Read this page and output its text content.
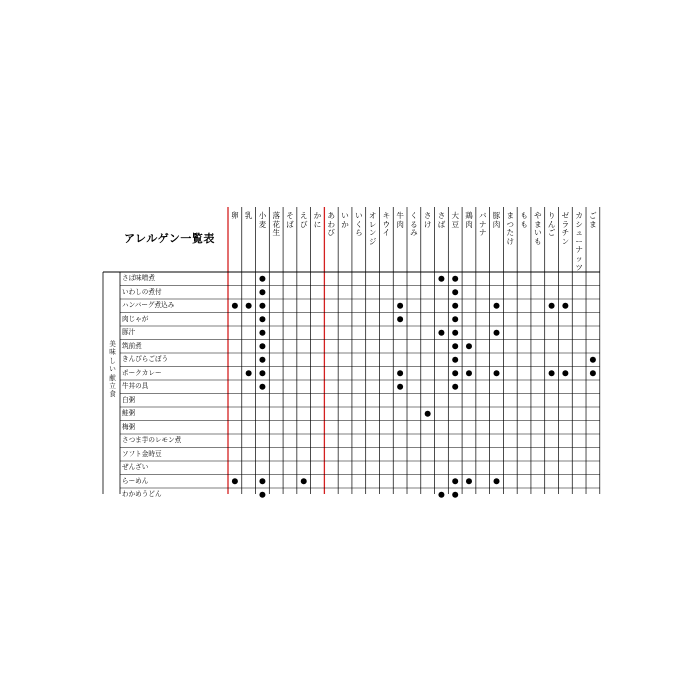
アレルゲン一覧表
卵 乳 小麦
落花生
そば
えび
かに
あわび
いか
いくら
オレンジ
キウイ
牛肉
くるみ
さけ
さば
大豆
鶏肉
バナナ
豚肉
まつたけ
もも
やまいも
りんご
ゼラチン
カシューナッツ
ごま
さば味噌煮
いわしの煮付
ハンバーグ煮込み
肉じゃが
豚汁
筑前煮
きんぴらごぼう
ポークカレー
牛丼の具
白粥
鮭粥
梅粥
さつま芋のレモン煮
ソフト金時豆
ぜんざい
らーめん
わかめうどん
美味しい献立食
